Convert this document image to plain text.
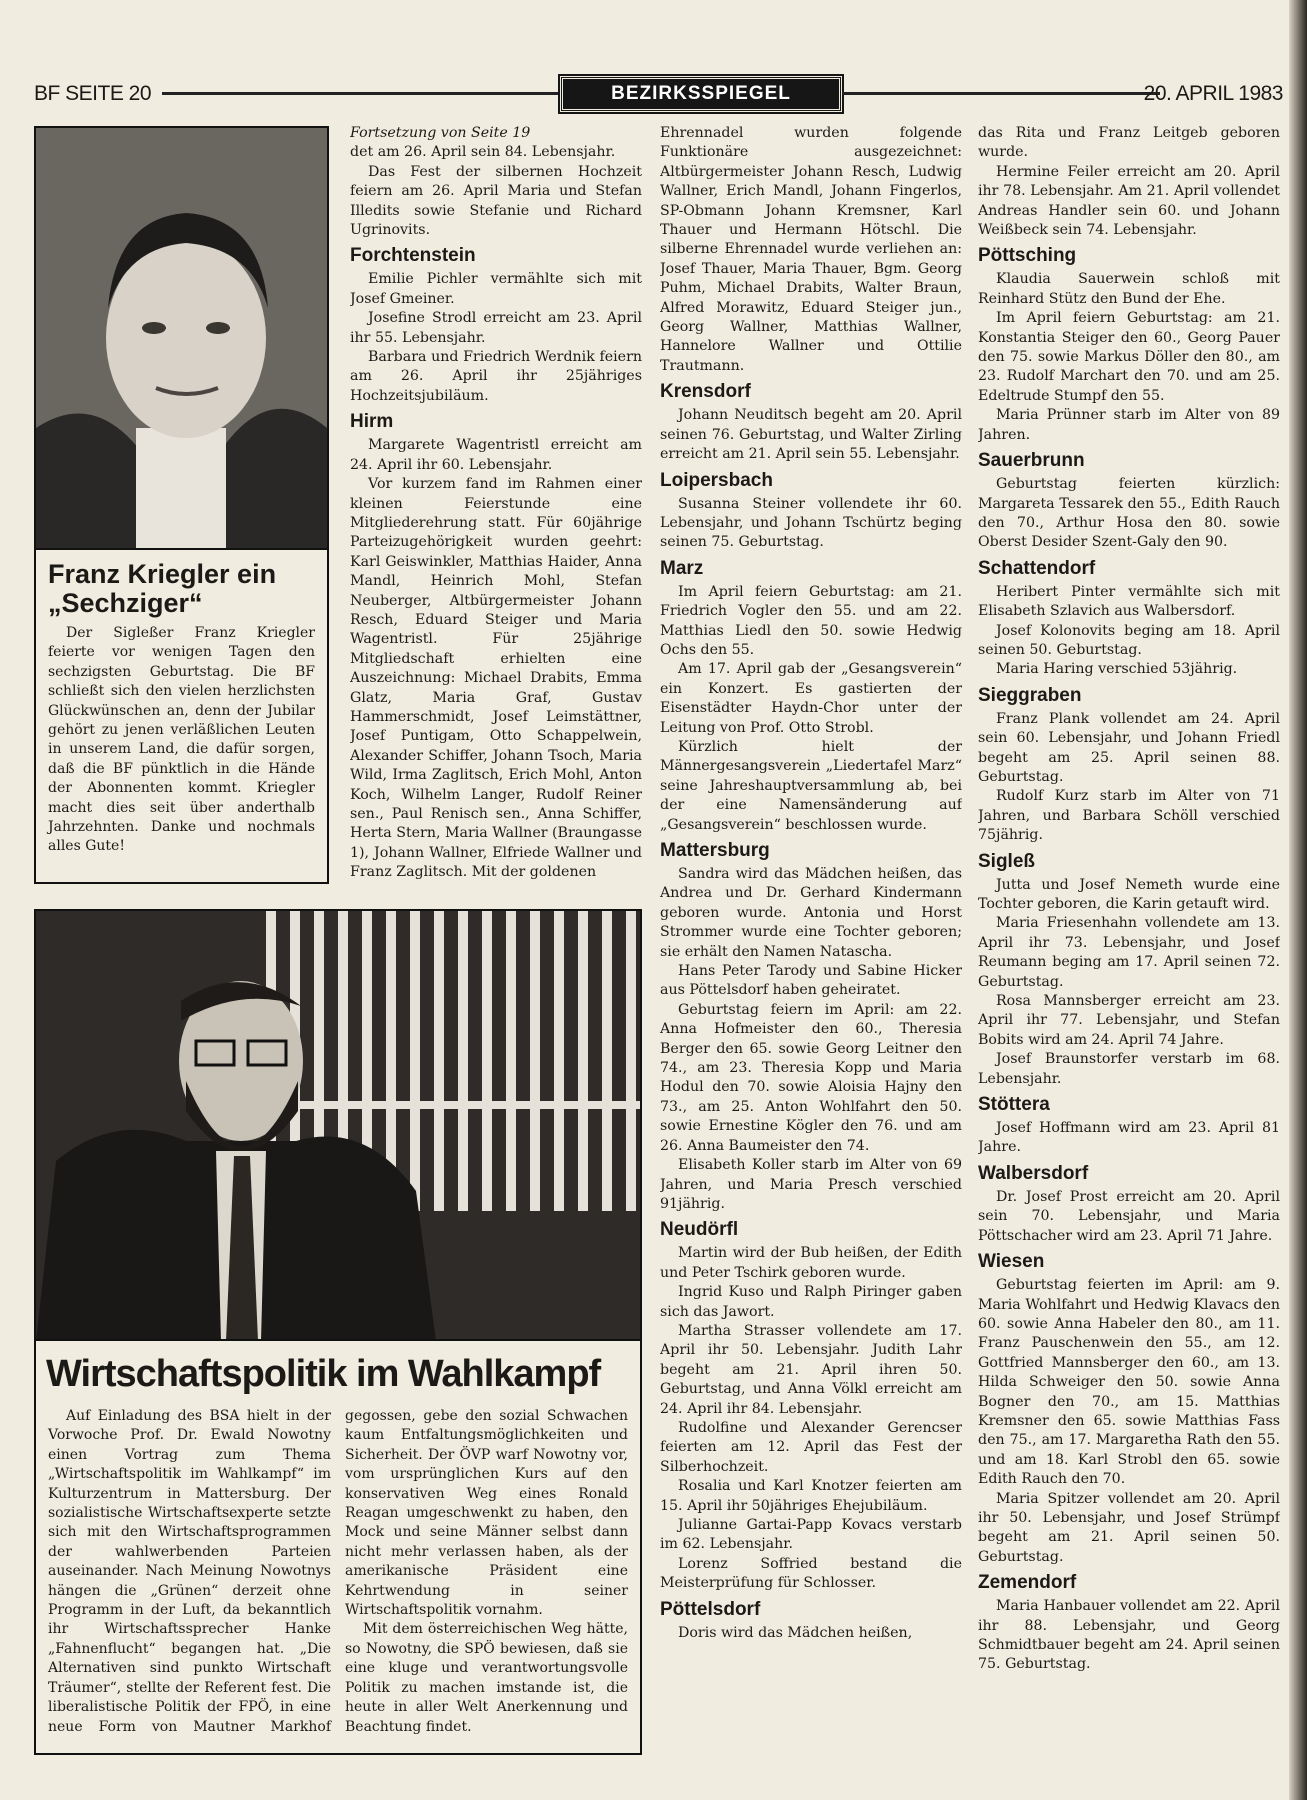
BF SEITE 20	BEZIRKSSPIEGEL	20. APRIL 1983
Franz Kriegler ein „Sechziger“

Der Sigleßer Franz Kriegler feierte vor wenigen Tagen den sechzigsten Geburtstag. Die BF schließt sich den vielen herzlichsten Glückwünschen an, denn der Jubilar gehört zu jenen verläßlichen Leuten in unserem Land, die dafür sorgen, daß die BF pünktlich in die Hände der Abonnenten kommt. Kriegler macht dies seit über anderthalb Jahrzehnten. Danke und nochmals alles Gute!

Wirtschaftspolitik im Wahlkampf

Auf Einladung des BSA hielt in der Vorwoche Prof. Dr. Ewald Nowotny einen Vortrag zum Thema „Wirtschaftspolitik im Wahlkampf“ im Kulturzentrum in Mattersburg. Der sozialistische Wirtschaftsexperte setzte sich mit den Wirtschaftsprogrammen der wahlwerbenden Parteien auseinander. Nach Meinung Nowotnys hängen die „Grünen“ derzeit ohne Programm in der Luft, da bekanntlich ihr Wirtschaftssprecher Hanke „Fahnenflucht“ begangen hat. „Die Alternativen sind punkto Wirtschaft Träumer“, stellte der Referent fest. Die liberalistische Politik der FPÖ, in eine neue Form von Mautner Markhof gegossen, gebe den sozial Schwachen kaum Entfaltungsmöglichkeiten und Sicherheit. Der ÖVP warf Nowotny vor, vom ursprünglichen Kurs auf den konservativen Weg eines Ronald Reagan umgeschwenkt zu haben, den Mock und seine Männer selbst dann nicht mehr verlassen haben, als der amerikanische Präsident eine Kehrtwendung in seiner Wirtschaftspolitik vornahm.

Mit dem österreichischen Weg hätte, so Nowotny, die SPÖ bewiesen, daß sie eine kluge und verantwortungsvolle Politik zu machen imstande ist, die heute in aller Welt Anerkennung und Beachtung findet.

Fortsetzung von Seite 19

det am 26. April sein 84. Lebensjahr.

Das Fest der silbernen Hochzeit feiern am 26. April Maria und Stefan Illedits sowie Stefanie und Richard Ugrinovits.

Forchtenstein

Emilie Pichler vermählte sich mit Josef Gmeiner.

Josefine Strodl erreicht am 23. April ihr 55. Lebensjahr.

Barbara und Friedrich Werdnik feiern am 26. April ihr 25jähriges Hochzeitsjubiläum.

Hirm

Margarete Wagentristl erreicht am 24. April ihr 60. Lebensjahr.

Vor kurzem fand im Rahmen einer kleinen Feierstunde eine Mitgliederehrung statt. Für 60jährige Parteizugehörigkeit wurden geehrt: Karl Geiswinkler, Matthias Haider, Anna Mandl, Heinrich Mohl, Stefan Neuberger, Altbürgermeister Johann Resch, Eduard Steiger und Maria Wagentristl. Für 25jährige Mitgliedschaft erhielten eine Auszeichnung: Michael Drabits, Emma Glatz, Maria Graf, Gustav Hammerschmidt, Josef Leimstättner, Josef Puntigam, Otto Schappelwein, Alexander Schiffer, Johann Tsoch, Maria Wild, Irma Zaglitsch, Erich Mohl, Anton Koch, Wilhelm Langer, Rudolf Reiner sen., Paul Renisch sen., Anna Schiffer, Herta Stern, Maria Wallner (Braungasse 1), Johann Wallner, Elfriede Wallner und Franz Zaglitsch. Mit der goldenen

Ehrennadel wurden folgende Funktionäre ausgezeichnet: Altbürgermeister Johann Resch, Ludwig Wallner, Erich Mandl, Johann Fingerlos, SP-Obmann Johann Kremsner, Karl Thauer und Hermann Hötschl. Die silberne Ehrennadel wurde verliehen an: Josef Thauer, Maria Thauer, Bgm. Georg Puhm, Michael Drabits, Walter Braun, Alfred Morawitz, Eduard Steiger jun., Georg Wallner, Matthias Wallner, Hannelore Wallner und Ottilie Trautmann.

Krensdorf

Johann Neuditsch begeht am 20. April seinen 76. Geburtstag, und Walter Zirling erreicht am 21. April sein 55. Lebensjahr.

Loipersbach

Susanna Steiner vollendete ihr 60. Lebensjahr, und Johann Tschürtz beging seinen 75. Geburtstag.

Marz

Im April feiern Geburtstag: am 21. Friedrich Vogler den 55. und am 22. Matthias Liedl den 50. sowie Hedwig Ochs den 55.

Am 17. April gab der „Gesangsverein“ ein Konzert. Es gastierten der Eisenstädter Haydn-Chor unter der Leitung von Prof. Otto Strobl.

Kürzlich hielt der Männergesangsverein „Liedertafel Marz“ seine Jahreshauptversammlung ab, bei der eine Namensänderung auf „Gesangsverein“ beschlossen wurde.

Mattersburg

Sandra wird das Mädchen heißen, das Andrea und Dr. Gerhard Kindermann geboren wurde. Antonia und Horst Strommer wurde eine Tochter geboren; sie erhält den Namen Natascha.

Hans Peter Tarody und Sabine Hicker aus Pöttelsdorf haben geheiratet.

Geburtstag feiern im April: am 22. Anna Hofmeister den 60., Theresia Berger den 65. sowie Georg Leitner den 74., am 23. Theresia Kopp und Maria Hodul den 70. sowie Aloisia Hajny den 73., am 25. Anton Wohlfahrt den 50. sowie Ernestine Kögler den 76. und am 26. Anna Baumeister den 74.

Elisabeth Koller starb im Alter von 69 Jahren, und Maria Presch verschied 91jährig.

Neudörfl

Martin wird der Bub heißen, der Edith und Peter Tschirk geboren wurde.

Ingrid Kuso und Ralph Piringer gaben sich das Jawort.

Martha Strasser vollendete am 17. April ihr 50. Lebensjahr. Judith Lahr begeht am 21. April ihren 50. Geburtstag, und Anna Völkl erreicht am 24. April ihr 84. Lebensjahr.

Rudolfine und Alexander Gerencser feierten am 12. April das Fest der Silberhochzeit.

Rosalia und Karl Knotzer feierten am 15. April ihr 50jähriges Ehejubiläum.

Julianne Gartai-Papp Kovacs verstarb im 62. Lebensjahr.

Lorenz Soffried bestand die Meisterprüfung für Schlosser.

Pöttelsdorf

Doris wird das Mädchen heißen,

das Rita und Franz Leitgeb geboren wurde.

Hermine Feiler erreicht am 20. April ihr 78. Lebensjahr. Am 21. April vollendet Andreas Handler sein 60. und Johann Weißbeck sein 74. Lebensjahr.

Pöttsching

Klaudia Sauerwein schloß mit Reinhard Stütz den Bund der Ehe.

Im April feiern Geburtstag: am 21. Konstantia Steiger den 60., Georg Pauer den 75. sowie Markus Döller den 80., am 23. Rudolf Marchart den 70. und am 25. Edeltrude Stumpf den 55.

Maria Prünner starb im Alter von 89 Jahren.

Sauerbrunn

Geburtstag feierten kürzlich: Margareta Tessarek den 55., Edith Rauch den 70., Arthur Hosa den 80. sowie Oberst Desider Szent-Galy den 90.

Schattendorf

Heribert Pinter vermählte sich mit Elisabeth Szlavich aus Walbersdorf.

Josef Kolonovits beging am 18. April seinen 50. Geburtstag.

Maria Haring verschied 53jährig.

Sieggraben

Franz Plank vollendet am 24. April sein 60. Lebensjahr, und Johann Friedl begeht am 25. April seinen 88. Geburtstag.

Rudolf Kurz starb im Alter von 71 Jahren, und Barbara Schöll verschied 75jährig.

Sigleß

Jutta und Josef Nemeth wurde eine Tochter geboren, die Karin getauft wird.

Maria Friesenhahn vollendete am 13. April ihr 73. Lebensjahr, und Josef Reumann beging am 17. April seinen 72. Geburtstag.

Rosa Mannsberger erreicht am 23. April ihr 77. Lebensjahr, und Stefan Bobits wird am 24. April 74 Jahre.

Josef Braunstorfer verstarb im 68. Lebensjahr.

Stöttera

Josef Hoffmann wird am 23. April 81 Jahre.

Walbersdorf

Dr. Josef Prost erreicht am 20. April sein 70. Lebensjahr, und Maria Pöttschacher wird am 23. April 71 Jahre.

Wiesen

Geburtstag feierten im April: am 9. Maria Wohlfahrt und Hedwig Klavacs den 60. sowie Anna Habeler den 80., am 11. Franz Pauschenwein den 55., am 12. Gottfried Mannsberger den 60., am 13. Hilda Schweiger den 50. sowie Anna Bogner den 70., am 15. Matthias Kremsner den 65. sowie Matthias Fass den 75., am 17. Margaretha Rath den 55. und am 18. Karl Strobl den 65. sowie Edith Rauch den 70.

Maria Spitzer vollendet am 20. April ihr 50. Lebensjahr, und Josef Strümpf begeht am 21. April seinen 50. Geburtstag.

Zemendorf

Maria Hanbauer vollendet am 22. April ihr 88. Lebensjahr, und Georg Schmidtbauer begeht am 24. April seinen 75. Geburtstag.
